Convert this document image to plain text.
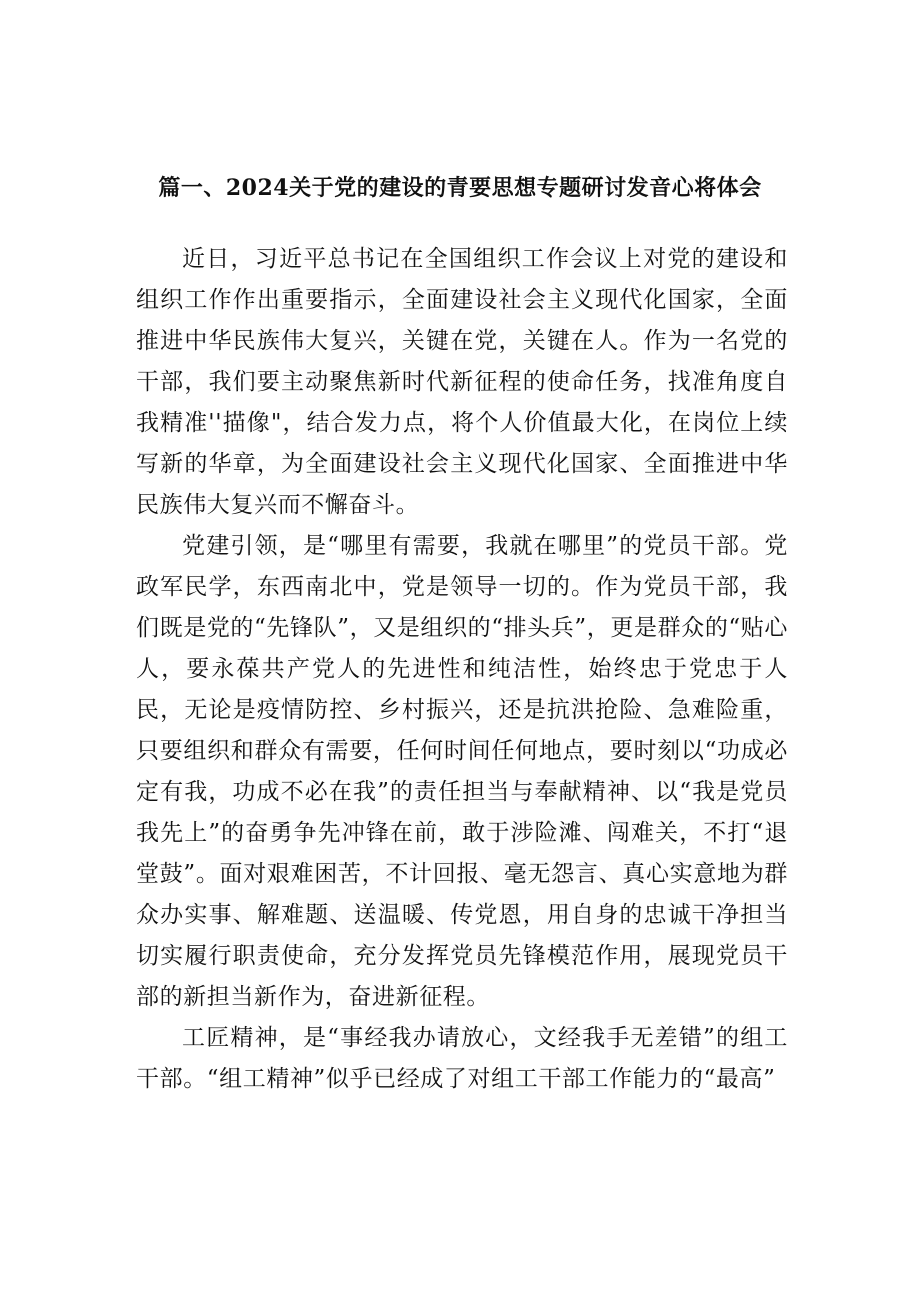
篇一、2024关于党的建设的青要思想专题研讨发音心将体会

近日，习近平总书记在全国组织工作会议上对党的建设和组织工作作出重要指示，全面建设社会主义现代化国家，全面推进中华民族伟大复兴，关键在党，关键在人。作为一名党的干部，我们要主动聚焦新时代新征程的使命任务，找准角度自我精准''描像"，结合发力点，将个人价值最大化，在岗位上续写新的华章，为全面建设社会主义现代化国家、全面推进中华民族伟大复兴而不懈奋斗。

党建引领，是“哪里有需要，我就在哪里”的党员干部。党政军民学，东西南北中，党是领导一切的。作为党员干部，我们既是党的“先锋队”，又是组织的“排头兵”，更是群众的“贴心人，要永葆共产党人的先进性和纯洁性，始终忠于党忠于人民，无论是疫情防控、乡村振兴，还是抗洪抢险、急难险重，只要组织和群众有需要，任何时间任何地点，要时刻以“功成必定有我，功成不必在我”的责任担当与奉献精神、以“我是党员我先上”的奋勇争先冲锋在前，敢于涉险滩、闯难关，不打“退堂鼓”。面对艰难困苦，不计回报、毫无怨言、真心实意地为群众办实事、解难题、送温暖、传党恩，用自身的忠诚干净担当切实履行职责使命，充分发挥党员先锋模范作用，展现党员干部的新担当新作为，奋进新征程。

工匠精神，是“事经我办请放心，文经我手无差错”的组工干部。“组工精神”似乎已经成了对组工干部工作能力的“最高”
